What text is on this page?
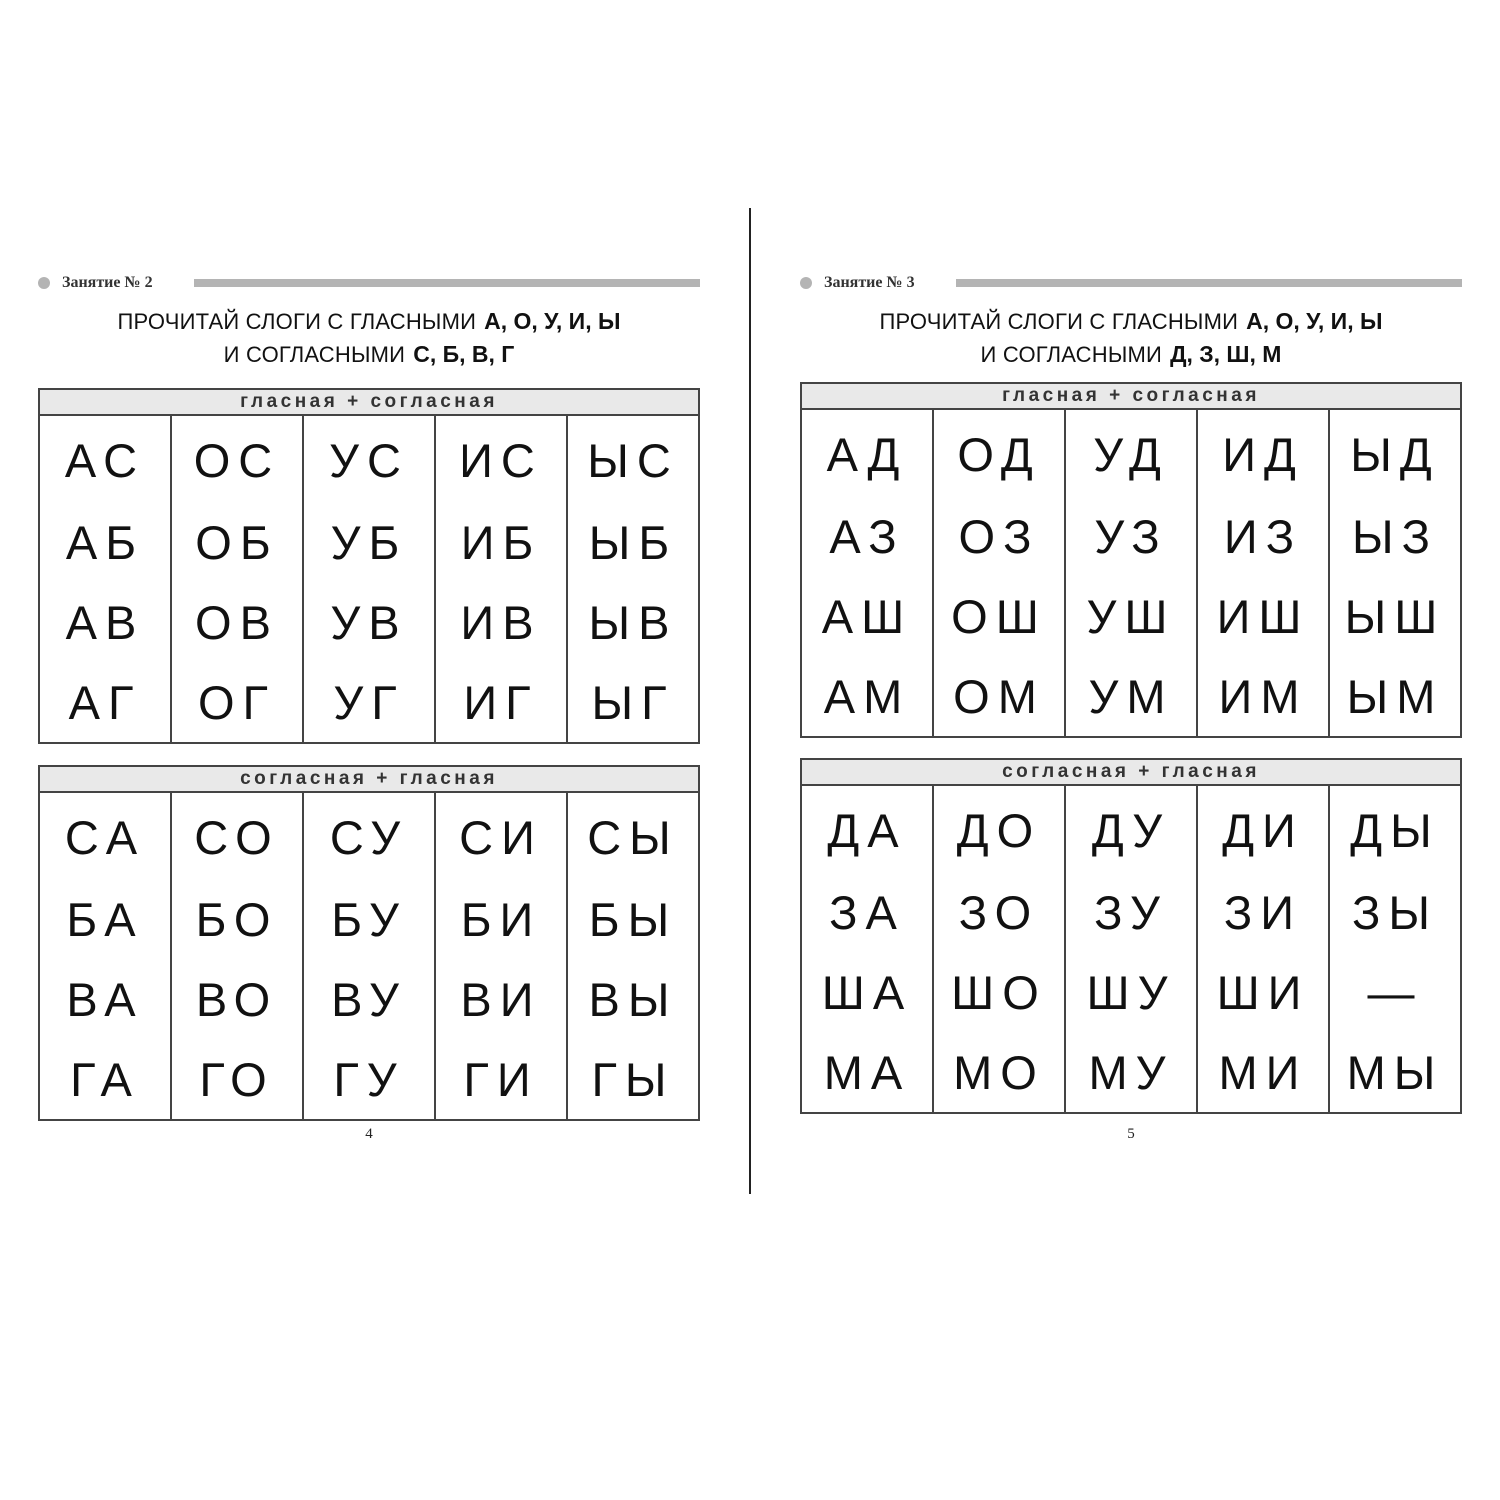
Занятие № 2
ПРОЧИТАЙ СЛОГИ С ГЛАСНЫМИ А, О, У, И, Ы
И СОГЛАСНЫМИ С, Б, В, Г
гласная + согласная				
АС	ОС	УС	ИС	ЫС
АБ	ОБ	УБ	ИБ	ЫБ
АВ	ОВ	УВ	ИВ	ЫВ
АГ	ОГ	УГ	ИГ	ЫГ
согласная + гласная				
СА	СО	СУ	СИ	СЫ
БА	БО	БУ	БИ	БЫ
ВА	ВО	ВУ	ВИ	ВЫ
ГА	ГО	ГУ	ГИ	ГЫ
4
Занятие № 3
ПРОЧИТАЙ СЛОГИ С ГЛАСНЫМИ А, О, У, И, Ы
И СОГЛАСНЫМИ Д, З, Ш, М
гласная + согласная				
АД	ОД	УД	ИД	ЫД
АЗ	ОЗ	УЗ	ИЗ	ЫЗ
АШ	ОШ	УШ	ИШ	ЫШ
АМ	ОМ	УМ	ИМ	ЫМ
согласная + гласная				
ДА	ДО	ДУ	ДИ	ДЫ
ЗА	ЗО	ЗУ	ЗИ	ЗЫ
ША	ШО	ШУ	ШИ	—
МА	МО	МУ	МИ	МЫ
5
